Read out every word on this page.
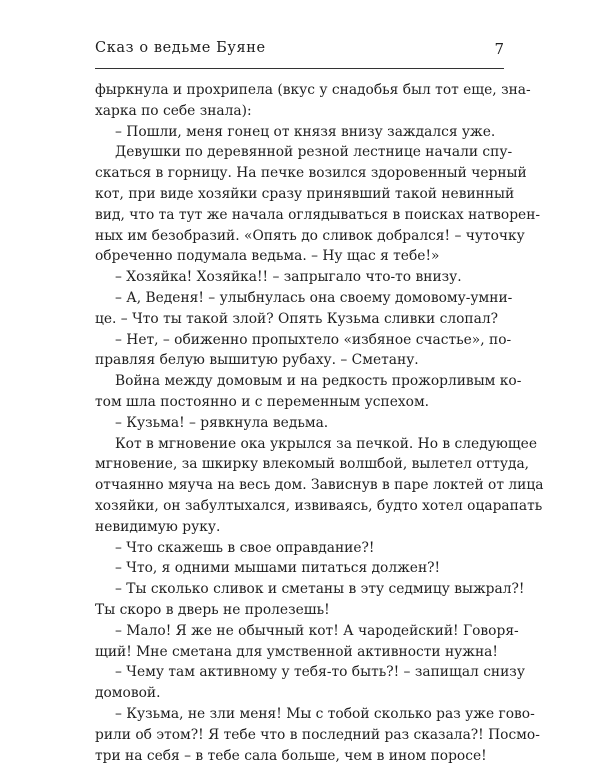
Сказ о ведьме Буяне	7
фыркнула и прохрипела (вкус у снадобья был тот еще, зна-
харка по себе знала):
– Пошли, меня гонец от князя внизу заждался уже.
Девушки по деревянной резной лестнице начали спу-
скаться в горницу. На печке возился здоровенный черный
кот, при виде хозяйки сразу принявший такой невинный
вид, что та тут же начала оглядываться в поисках натворен-
ных им безобразий. «Опять до сливок добрался! – чуточку
обреченно подумала ведьма. – Ну щас я тебе!»
– Хозяйка! Хозяйка!! – запрыгало что-то внизу.
– А, Веденя! – улыбнулась она своему домовому-умни-
це. – Что ты такой злой? Опять Кузьма сливки слопал?
– Нет, – обиженно пропыхтело «избяное счастье», по-
правляя белую вышитую рубаху. – Сметану.
Война между домовым и на редкость прожорливым ко-
том шла постоянно и с переменным успехом.
– Кузьма! – рявкнула ведьма.
Кот в мгновение ока укрылся за печкой. Но в следующее
мгновение, за шкирку влекомый волшбой, вылетел оттуда,
отчаянно мяуча на весь дом. Зависнув в паре локтей от лица
хозяйки, он забултыхался, извиваясь, будто хотел оцарапать
невидимую руку.
– Что скажешь в свое оправдание?!
– Что, я одними мышами питаться должен?!
– Ты сколько сливок и сметаны в эту седмицу выжрал?!
Ты скоро в дверь не пролезешь!
– Мало! Я же не обычный кот! А чародейский! Говоря-
щий! Мне сметана для умственной активности нужна!
– Чему там активному у тебя-то быть?! – запищал снизу
домовой.
– Кузьма, не зли меня! Мы с тобой сколько раз уже гово-
рили об этом?! Я тебе что в последний раз сказала?! Посмо-
три на себя – в тебе сала больше, чем в ином поросе!
